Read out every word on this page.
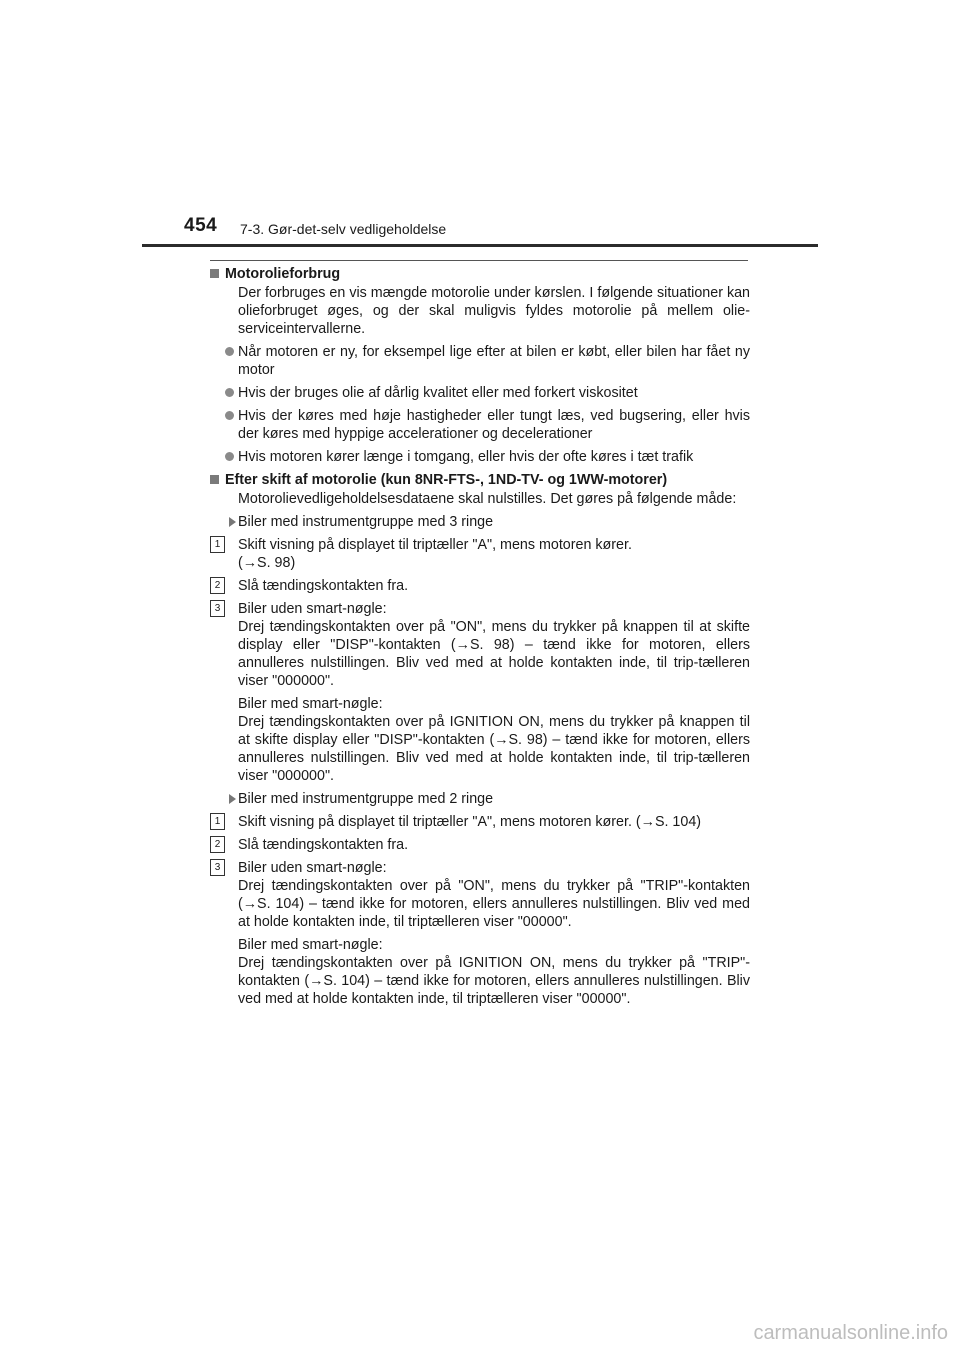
454 7-3. Gør-det-selv vedligeholdelse
Motorolieforbrug
Der forbruges en vis mængde motorolie under kørslen. I følgende situationer kan olieforbruget øges, og der skal muligvis fyldes motorolie på mellem olie-serviceintervallerne.
Når motoren er ny, for eksempel lige efter at bilen er købt, eller bilen har fået ny motor
Hvis der bruges olie af dårlig kvalitet eller med forkert viskositet
Hvis der køres med høje hastigheder eller tungt læs, ved bugsering, eller hvis der køres med hyppige accelerationer og decelerationer
Hvis motoren kører længe i tomgang, eller hvis der ofte køres i tæt trafik
Efter skift af motorolie (kun 8NR-FTS-, 1ND-TV- og 1WW-motorer)
Motorolievedligeholdelsesdataene skal nulstilles. Det gøres på følgende måde:
Biler med instrumentgruppe med 3 ringe
1	Skift visning på displayet til triptæller "A", mens motoren kører.
(→S. 98)
2	Slå tændingskontakten fra.
3	Biler uden smart-nøgle:
Drej tændingskontakten over på "ON", mens du trykker på knappen til at skifte display eller "DISP"-kontakten (→S. 98) – tænd ikke for motoren, ellers annulleres nulstillingen. Bliv ved med at holde kontakten inde, til trip-tælleren viser "000000".
Biler med smart-nøgle:
Drej tændingskontakten over på IGNITION ON, mens du trykker på knappen til at skifte display eller "DISP"-kontakten (→S. 98) – tænd ikke for motoren, ellers annulleres nulstillingen. Bliv ved med at holde kontakten inde, til trip-tælleren viser "000000".
Biler med instrumentgruppe med 2 ringe
1	Skift visning på displayet til triptæller "A", mens motoren kører. (→S. 104)
2	Slå tændingskontakten fra.
3	Biler uden smart-nøgle:
Drej tændingskontakten over på "ON", mens du trykker på "TRIP"-kontakten (→S. 104) – tænd ikke for motoren, ellers annulleres nulstillingen. Bliv ved med at holde kontakten inde, til triptælleren viser "00000".
Biler med smart-nøgle:
Drej tændingskontakten over på IGNITION ON, mens du trykker på "TRIP"-kontakten (→S. 104) – tænd ikke for motoren, ellers annulleres nulstillingen. Bliv ved med at holde kontakten inde, til triptælleren viser "00000".
carmanualsonline.info
